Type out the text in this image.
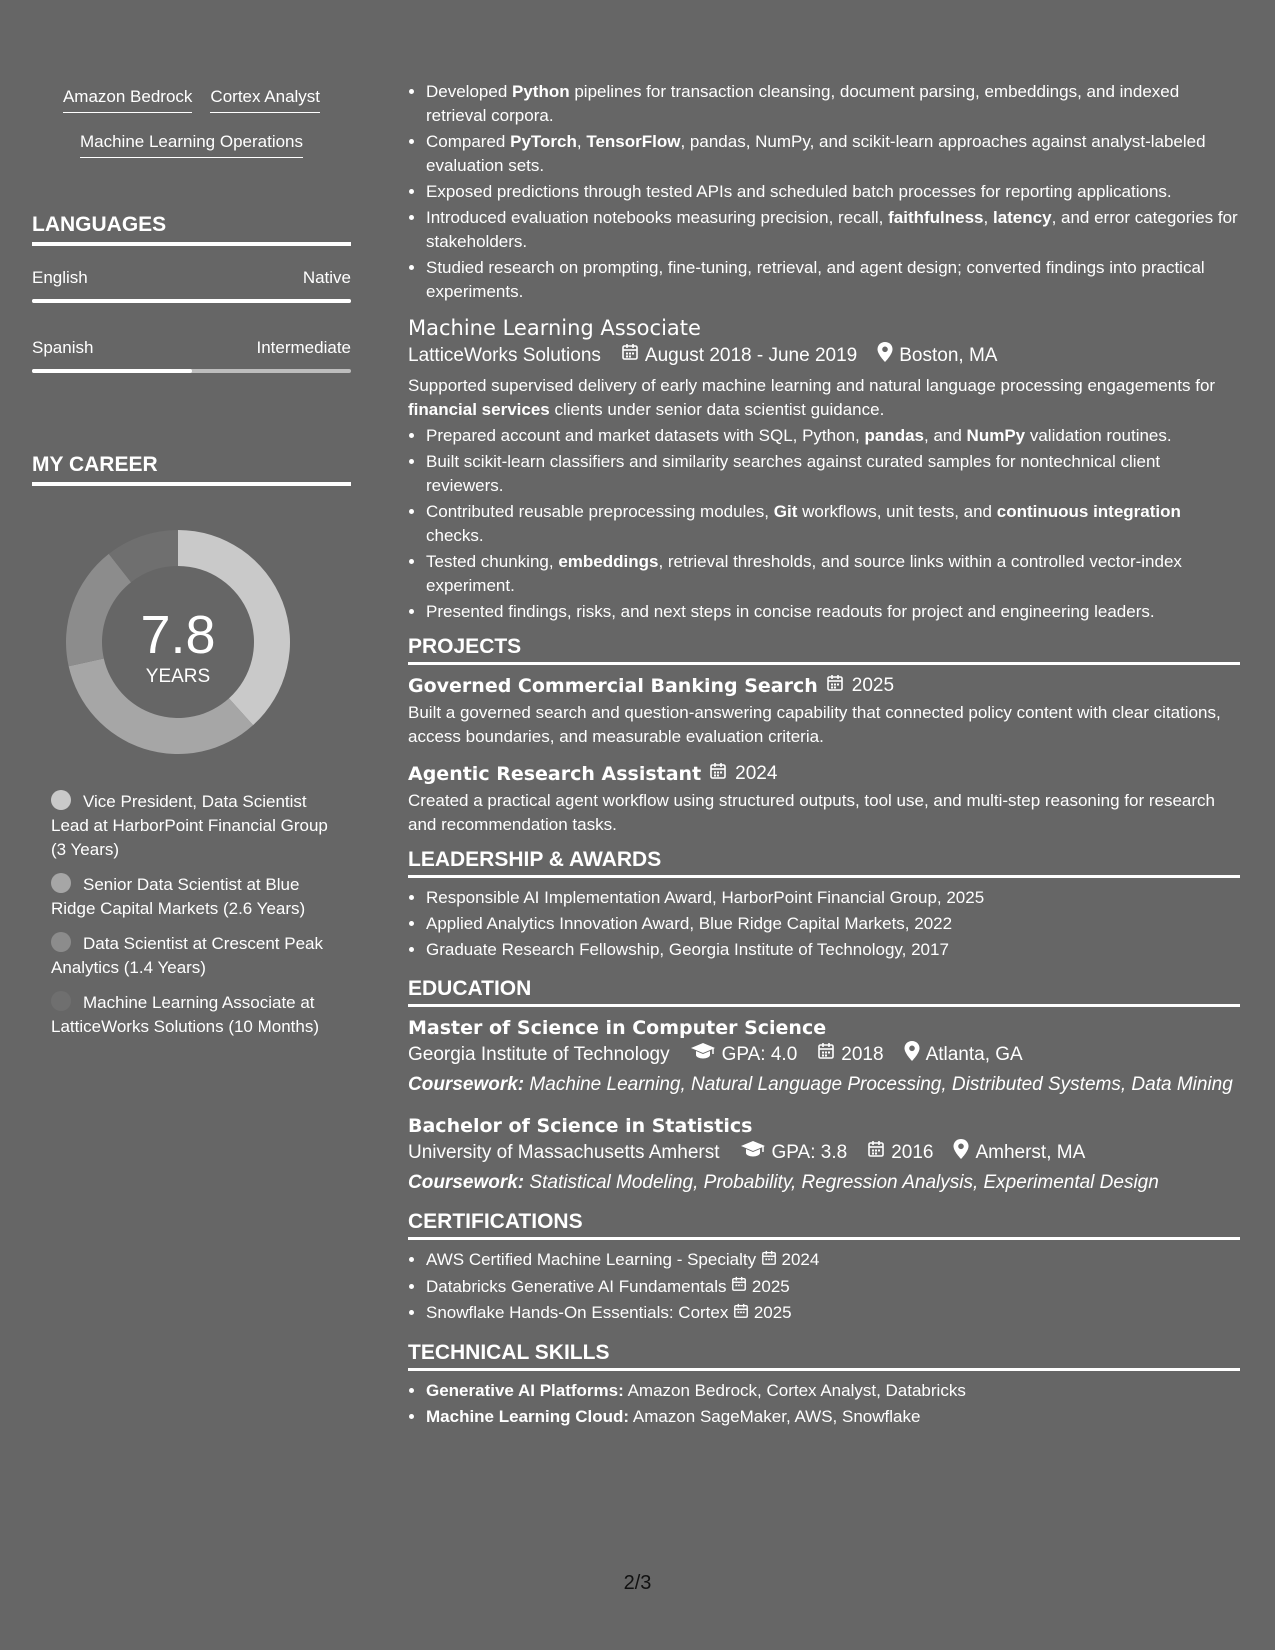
Amazon Bedrock Cortex Analyst
Machine Learning Operations
LANGUAGES
English	Native
Spanish	Intermediate
MY CAREER
7.8
YEARS
Vice President, Data Scientist Lead at HarborPoint Financial Group (3 Years)
Senior Data Scientist at Blue Ridge Capital Markets (2.6 Years)
Data Scientist at Crescent Peak Analytics (1.4 Years)
Machine Learning Associate at LatticeWorks Solutions (10 Months)
• Developed Python pipelines for transaction cleansing, document parsing, embeddings, and indexed retrieval corpora.
• Compared PyTorch, TensorFlow, pandas, NumPy, and scikit-learn approaches against analyst-labeled evaluation sets.
• Exposed predictions through tested APIs and scheduled batch processes for reporting applications.
• Introduced evaluation notebooks measuring precision, recall, faithfulness, latency, and error categories for stakeholders.
• Studied research on prompting, fine-tuning, retrieval, and agent design; converted findings into practical experiments.
Machine Learning Associate
LatticeWorks Solutions August 2018 - June 2019 Boston, MA
Supported supervised delivery of early machine learning and natural language processing engagements for financial services clients under senior data scientist guidance.
• Prepared account and market datasets with SQL, Python, pandas, and NumPy validation routines.
• Built scikit-learn classifiers and similarity searches against curated samples for nontechnical client reviewers.
• Contributed reusable preprocessing modules, Git workflows, unit tests, and continuous integration checks.
• Tested chunking, embeddings, retrieval thresholds, and source links within a controlled vector-index experiment.
• Presented findings, risks, and next steps in concise readouts for project and engineering leaders.
PROJECTS
Governed Commercial Banking Search 2025
Built a governed search and question-answering capability that connected policy content with clear citations, access boundaries, and measurable evaluation criteria.
Agentic Research Assistant 2024
Created a practical agent workflow using structured outputs, tool use, and multi-step reasoning for research and recommendation tasks.
LEADERSHIP & AWARDS
• Responsible AI Implementation Award, HarborPoint Financial Group, 2025
• Applied Analytics Innovation Award, Blue Ridge Capital Markets, 2022
• Graduate Research Fellowship, Georgia Institute of Technology, 2017
EDUCATION
Master of Science in Computer Science
Georgia Institute of Technology	GPA: 4.0 2018 Atlanta, GA
Coursework: Machine Learning, Natural Language Processing, Distributed Systems, Data Mining
Bachelor of Science in Statistics
University of Massachusetts Amherst	GPA: 3.8 2016 Amherst, MA
Coursework: Statistical Modeling, Probability, Regression Analysis, Experimental Design
CERTIFICATIONS
• AWS Certified Machine Learning - Specialty  2024
• Databricks Generative AI Fundamentals  2025
• Snowflake Hands-On Essentials: Cortex  2025
TECHNICAL SKILLS
• Generative AI Platforms: Amazon Bedrock, Cortex Analyst, Databricks
• Machine Learning Cloud: Amazon SageMaker, AWS, Snowflake
2/3
